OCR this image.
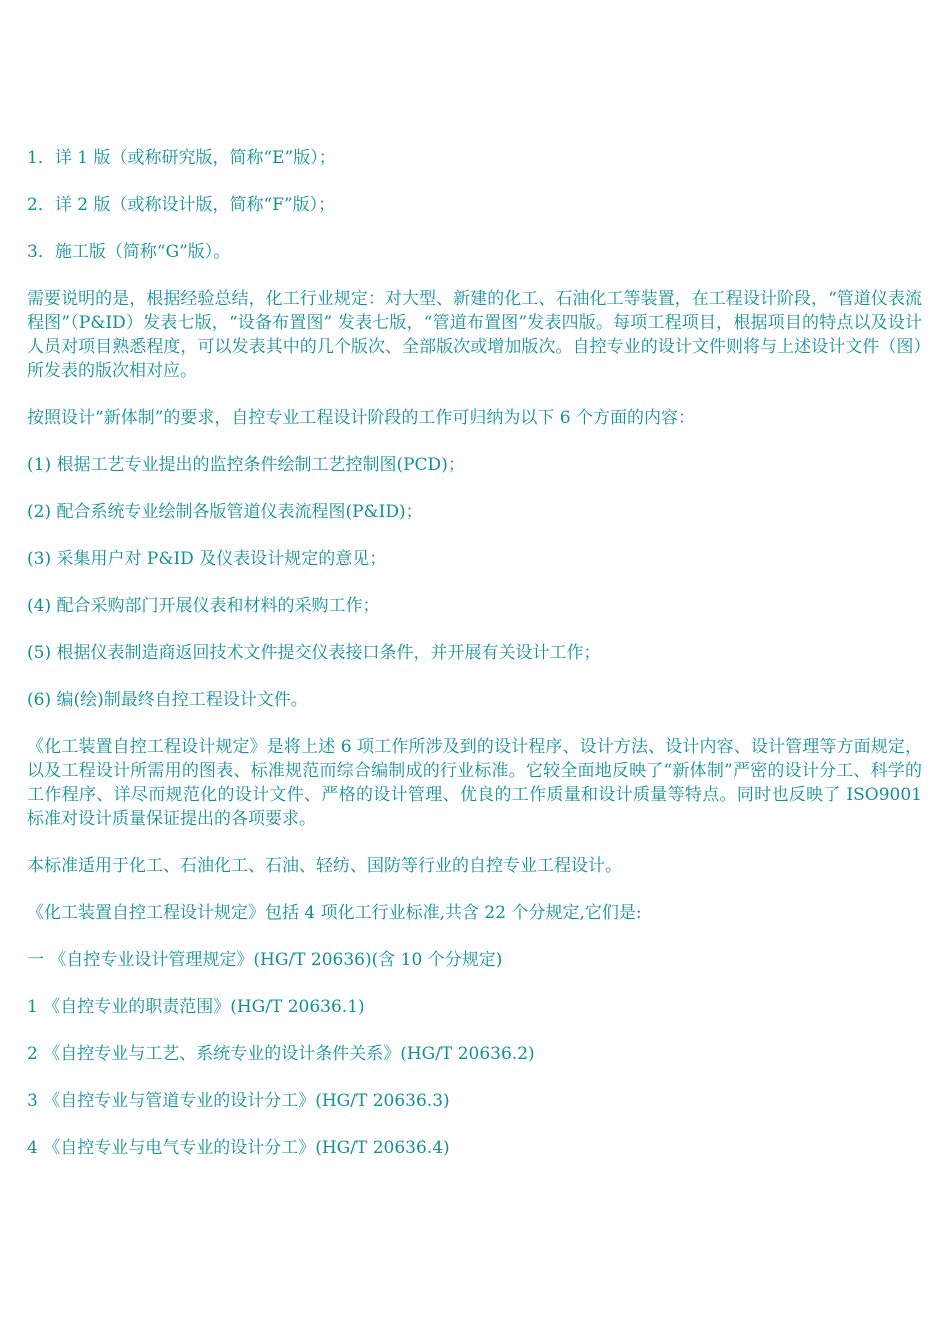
1．详 1 版（或称研究版，简称“E”版）；

2．详 2 版（或称设计版，简称“F”版）；

3．施工版（简称“G”版）。

需要说明的是，根据经验总结，化工行业规定：对大型、新建的化工、石油化工等装置，在工程设计阶段，“管道仪表流程图”（P&ID）发表七版，“设备布置图” 发表七版，“管道布置图”发表四版。每项工程项目，根据项目的特点以及设计人员对项目熟悉程度，可以发表其中的几个版次、全部版次或增加版次。自控专业的设计文件则将与上述设计文件（图）所发表的版次相对应。

按照设计“新体制”的要求，自控专业工程设计阶段的工作可归纳为以下 6 个方面的内容：

(1) 根据工艺专业提出的监控条件绘制工艺控制图(PCD)；

(2) 配合系统专业绘制各版管道仪表流程图(P&ID)；

(3) 采集用户对 P&ID 及仪表设计规定的意见；

(4) 配合采购部门开展仪表和材料的采购工作；

(5) 根据仪表制造商返回技术文件提交仪表接口条件，并开展有关设计工作；

(6) 编(绘)制最终自控工程设计文件。

《化工装置自控工程设计规定》是将上述 6 项工作所涉及到的设计程序、设计方法、设计内容、设计管理等方面规定，以及工程设计所需用的图表、标准规范而综合编制成的行业标准。它较全面地反映了“新体制”严密的设计分工、科学的工作程序、详尽而规范化的设计文件、严格的设计管理、优良的工作质量和设计质量等特点。同时也反映了 ISO9001 标准对设计质量保证提出的各项要求。

本标准适用于化工、石油化工、石油、轻纺、国防等行业的自控专业工程设计。

《化工装置自控工程设计规定》包括 4 项化工行业标准,共含 22 个分规定,它们是:

一 《自控专业设计管理规定》(HG/T 20636)(含 10 个分规定)

1 《自控专业的职责范围》(HG/T 20636.1)

2 《自控专业与工艺、系统专业的设计条件关系》(HG/T 20636.2)

3 《自控专业与管道专业的设计分工》(HG/T 20636.3)

4 《自控专业与电气专业的设计分工》(HG/T 20636.4)
